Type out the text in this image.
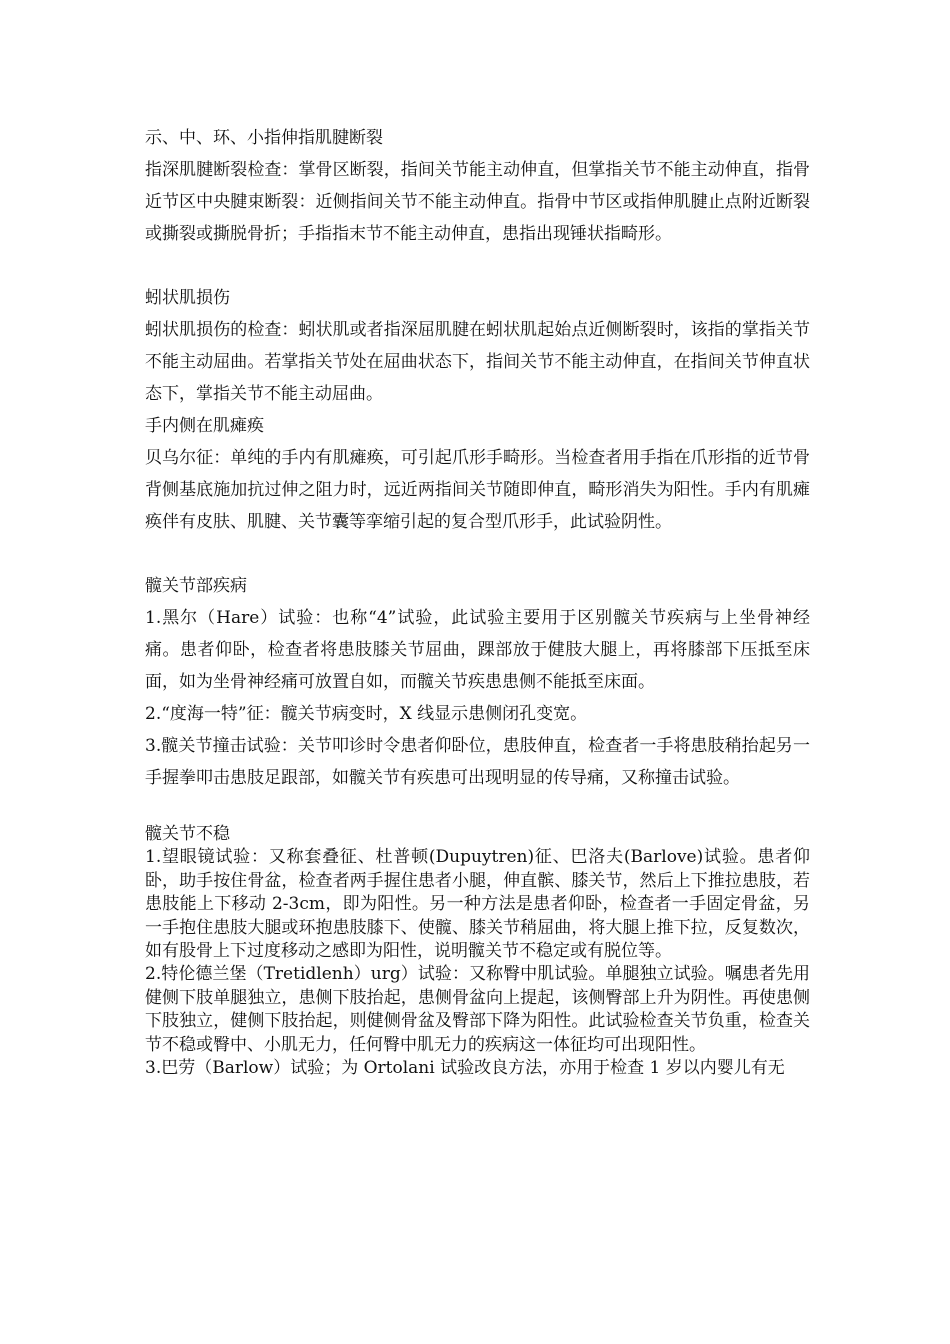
示、中、环、小指伸指肌腱断裂

指深肌腱断裂检查：掌骨区断裂，指间关节能主动伸直，但掌指关节不能主动伸直，指骨近节区中央腱束断裂：近侧指间关节不能主动伸直。指骨中节区或指伸肌腱止点附近断裂或撕裂或撕脱骨折；手指指末节不能主动伸直，患指出现锤状指畸形。

蚓状肌损伤

蚓状肌损伤的检查：蚓状肌或者指深屈肌腱在蚓状肌起始点近侧断裂时，该指的掌指关节不能主动屈曲。若掌指关节处在屈曲状态下，指间关节不能主动伸直，在指间关节伸直状态下，掌指关节不能主动屈曲。

手内侧在肌瘫痪

贝乌尔征：单纯的手内有肌瘫痪，可引起爪形手畸形。当检查者用手指在爪形指的近节骨背侧基底施加抗过伸之阻力时，远近两指间关节随即伸直，畸形消失为阳性。手内有肌瘫痪伴有皮肤、肌腱、关节囊等挛缩引起的复合型爪形手，此试验阴性。

髋关节部疾病

1.黑尔（Hare）试验：也称“4”试验，此试验主要用于区别髋关节疾病与上坐骨神经痛。患者仰卧，检查者将患肢膝关节屈曲，踝部放于健肢大腿上，再将膝部下压抵至床面，如为坐骨神经痛可放置自如，而髋关节疾患患侧不能抵至床面。

2.“度海一特”征：髋关节病变时，X 线显示患侧闭孔变宽。

3.髋关节撞击试验：关节叩诊时令患者仰卧位，患肢伸直，检查者一手将患肢稍抬起另一手握拳叩击患肢足跟部，如髋关节有疾患可出现明显的传导痛，又称撞击试验。

髋关节不稳

1.望眼镜试验：又称套叠征、杜普顿(Dupuytren)征、巴洛夫(Barlove)试验。患者仰卧，助手按住骨盆，检查者两手握住患者小腿，伸直髌、膝关节，然后上下推拉患肢，若患肢能上下移动 2-3cm，即为阳性。另一种方法是患者仰卧，检查者一手固定骨盆，另一手抱住患肢大腿或环抱患肢膝下、使髋、膝关节稍屈曲，将大腿上推下拉，反复数次，如有股骨上下过度移动之感即为阳性，说明髋关节不稳定或有脱位等。

2.特伦德兰堡（Tretidlenh）urg）试验：又称臀中肌试验。单腿独立试验。嘱患者先用健侧下肢单腿独立，患侧下肢抬起，患侧骨盆向上提起，该侧臀部上升为阴性。再使患侧下肢独立，健侧下肢抬起，则健侧骨盆及臀部下降为阳性。此试验检查关节负重，检查关节不稳或臀中、小肌无力，任何臀中肌无力的疾病这一体征均可出现阳性。

3.巴劳（Barlow）试验；为 Ortolani 试验改良方法，亦用于检查 1 岁以内婴儿有无
